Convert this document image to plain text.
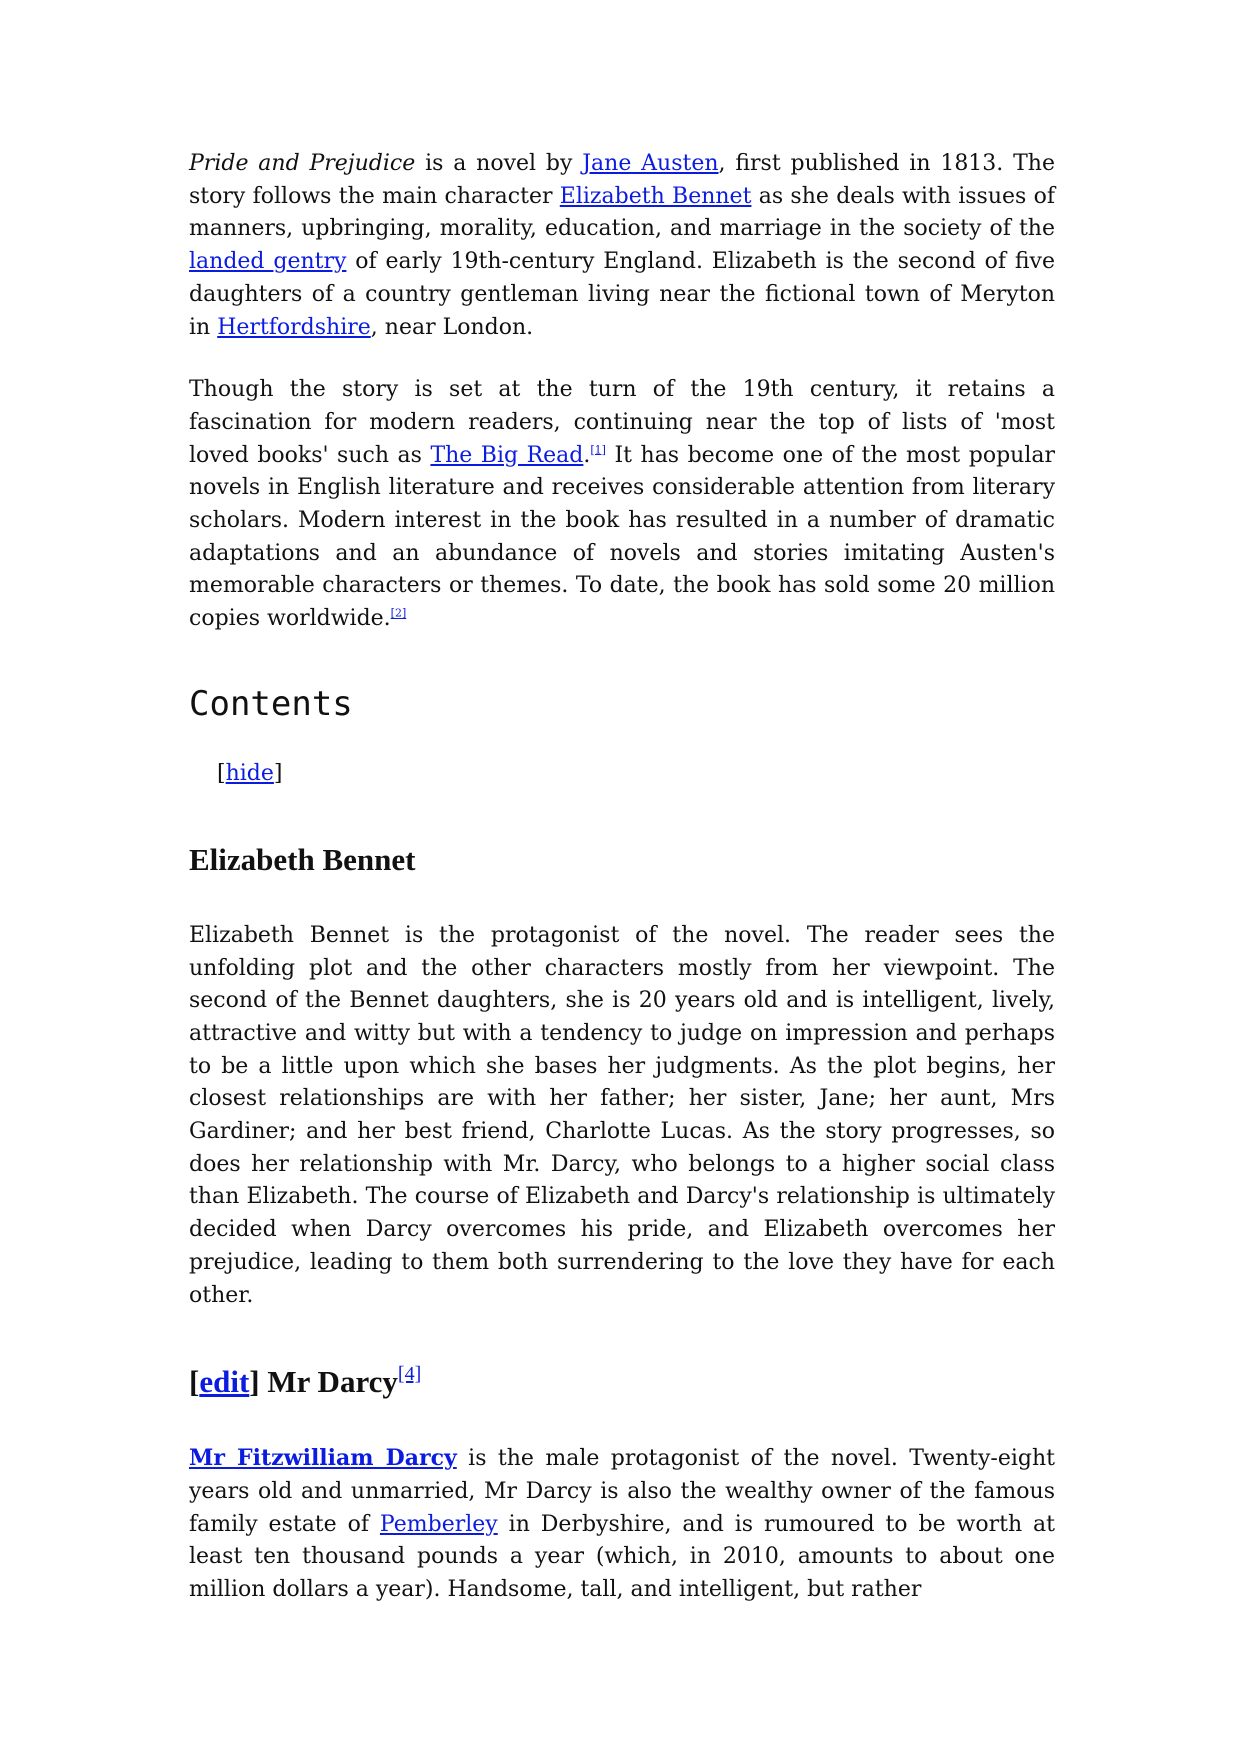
Pride and Prejudice is a novel by Jane Austen, first published in 1813. The story follows the main character Elizabeth Bennet as she deals with issues of manners, upbringing, morality, education, and marriage in the society of the landed gentry of early 19th-century England. Elizabeth is the second of five daughters of a country gentleman living near the fictional town of Meryton in Hertfordshire, near London.

Though the story is set at the turn of the 19th century, it retains a fascination for modern readers, continuing near the top of lists of 'most loved books' such as The Big Read.[1] It has become one of the most popular novels in English literature and receives considerable attention from literary scholars. Modern interest in the book has resulted in a number of dramatic adaptations and an abundance of novels and stories imitating Austen's memorable characters or themes. To date, the book has sold some 20 million copies worldwide.[2]

Contents
[hide]
Elizabeth Bennet

Elizabeth Bennet is the protagonist of the novel. The reader sees the unfolding plot and the other characters mostly from her viewpoint. The second of the Bennet daughters, she is 20 years old and is intelligent, lively, attractive and witty but with a tendency to judge on impression and perhaps to be a little upon which she bases her judgments. As the plot begins, her closest relationships are with her father; her sister, Jane; her aunt, Mrs Gardiner; and her best friend, Charlotte Lucas. As the story progresses, so does her relationship with Mr. Darcy, who belongs to a higher social class than Elizabeth. The course of Elizabeth and Darcy's relationship is ultimately decided when Darcy overcomes his pride, and Elizabeth overcomes her prejudice, leading to them both surrendering to the love they have for each other.

[edit] Mr Darcy[4]

Mr Fitzwilliam Darcy is the male protagonist of the novel. Twenty-eight years old and unmarried, Mr Darcy is also the wealthy owner of the famous family estate of Pemberley in Derbyshire, and is rumoured to be worth at least ten thousand pounds a year (which, in 2010, amounts to about one million dollars a year). Handsome, tall, and intelligent, but rather
